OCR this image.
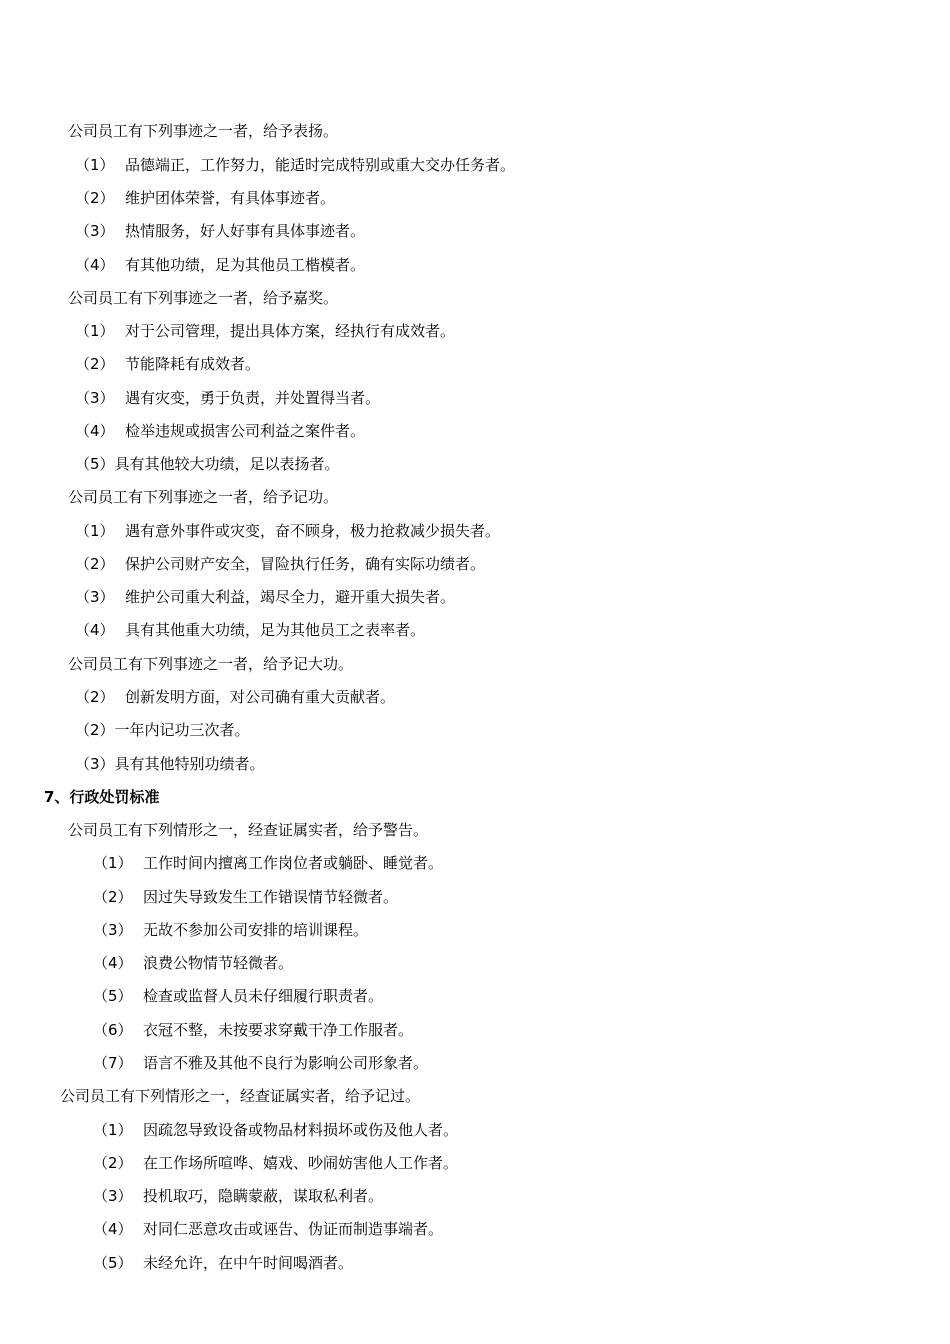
公司员工有下列事迹之一者，给予表扬。
（1） 品德端正，工作努力，能适时完成特别或重大交办任务者。
（2） 维护团体荣誉，有具体事迹者。
（3） 热情服务，好人好事有具体事迹者。
（4） 有其他功绩，足为其他员工楷模者。
公司员工有下列事迹之一者，给予嘉奖。
（1） 对于公司管理，提出具体方案，经执行有成效者。
（2） 节能降耗有成效者。
（3） 遇有灾变，勇于负责，并处置得当者。
（4） 检举违规或损害公司利益之案件者。
（5）具有其他较大功绩，足以表扬者。
公司员工有下列事迹之一者，给予记功。
（1） 遇有意外事件或灾变，奋不顾身，极力抢救减少损失者。
（2） 保护公司财产安全，冒险执行任务，确有实际功绩者。
（3） 维护公司重大利益，竭尽全力，避开重大损失者。
（4） 具有其他重大功绩，足为其他员工之表率者。
公司员工有下列事迹之一者，给予记大功。
（2） 创新发明方面，对公司确有重大贡献者。
（2）一年内记功三次者。
（3）具有其他特别功绩者。
7、行政处罚标准
公司员工有下列情形之一，经查证属实者，给予警告。
（1） 工作时间内擅离工作岗位者或躺卧、睡觉者。
（2） 因过失导致发生工作错误情节轻微者。
（3） 无故不参加公司安排的培训课程。
（4） 浪费公物情节轻微者。
（5） 检查或监督人员未仔细履行职责者。
（6） 衣冠不整，未按要求穿戴干净工作服者。
（7） 语言不雅及其他不良行为影响公司形象者。
公司员工有下列情形之一，经查证属实者，给予记过。
（1） 因疏忽导致设备或物品材料损坏或伤及他人者。
（2） 在工作场所喧哗、嬉戏、吵闹妨害他人工作者。
（3） 投机取巧，隐瞒蒙蔽，谋取私利者。
（4） 对同仁恶意攻击或诬告、伪证而制造事端者。
（5） 未经允许，在中午时间喝酒者。
